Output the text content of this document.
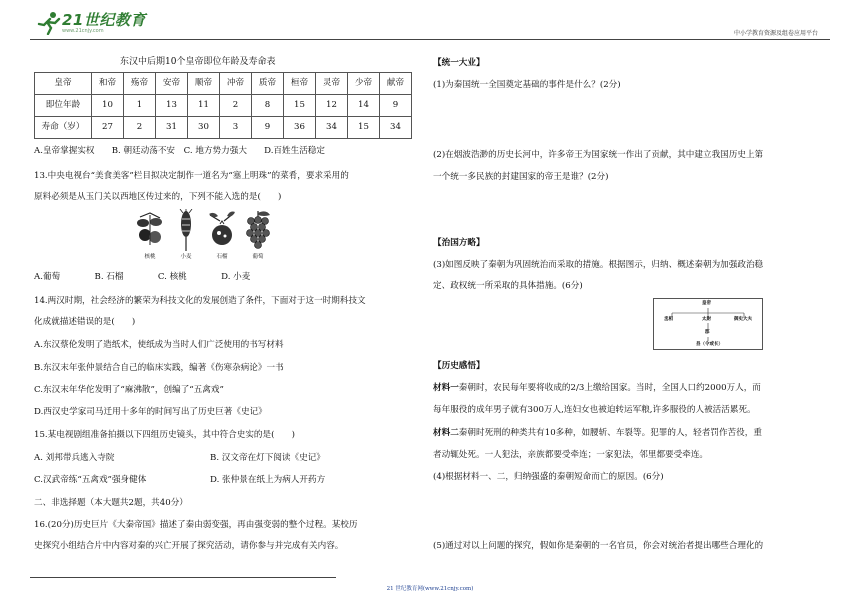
21世纪教育
www.21cnjy.com	中小学教育资源及组卷应用平台
东汉中后期10个皇帝即位年龄及寿命表
皇帝	和帝	殇帝	安帝	顺帝	冲帝	质帝	桓帝	灵帝	少帝	献帝
即位年龄	10	1	13	11	2	8	15	12	14	9
寿命（岁）	27	2	31	30	3	9	36	34	15	34
A.皇帝掌握实权　　B. 朝廷动荡不安　C. 地方势力强大　　D.百姓生活稳定
13.中央电视台“美食美客”栏目拟决定制作一道名为“塞上明珠”的菜肴，要求采用的
原料必须是从玉门关以西地区传过来的，下列不能入选的是(　　)
核桃	小麦	石榴	葡萄
A.葡萄　　　　B. 石榴　　　　C. 核桃　　　　D. 小麦
14.两汉时期，社会经济的繁荣为科技文化的发展创造了条件，下面对于这一时期科技文
化成就描述错误的是(　　)
A.东汉蔡伦发明了造纸术，使纸成为当时人们广泛使用的书写材料
B.东汉末年张仲景结合自己的临床实践，编著《伤寒杂病论》一书
C.东汉末年华佗发明了“麻沸散”，创编了“五禽戏”
D.西汉史学家司马迁用十多年的时间写出了历史巨著《史记》
15.某电视剧组准备拍摄以下四组历史镜头，其中符合史实的是(　　)
A. 刘邦带兵逃入寺院	B. 汉文帝在灯下阅读《史记》
C.汉武帝练“五禽戏”强身健体	D. 张仲景在纸上为病人开药方
二、非选择题（本大题共2题，共40分）
16.(20分)历史巨片《大秦帝国》描述了秦由弱变强，再由强变弱的整个过程。某校历
史探究小组结合片中内容对秦的兴亡开展了探究活动，请你参与并完成有关内容。
【统一大业】
(1)为秦国统一全国奠定基础的事件是什么？(2分)
(2)在烟波浩渺的历史长河中，许多帝王为国家统一作出了贡献，其中建立我国历史上第
一个统一多民族的封建国家的帝王是谁？(2分)
【治国方略】
(3)如图反映了秦朝为巩固统治而采取的措施。根据图示，归纳、概述秦朝为加强政治稳
定、政权统一所采取的具体措施。(6分)
皇帝
丞相	太尉	御史大夫
郡
县（令或长）
【历史感悟】
材料一秦朝时，农民每年要将收成的2/3上缴给国家。当时，全国人口约2000万人，而
每年服役的成年男子就有300万人,连妇女也被迫转运军粮,许多服役的人被活活累死。
材料二秦朝时死刑的种类共有10多种，如腰斩、车裂等。犯罪的人，轻者罚作苦役，重
者动辄处死。一人犯法，亲族都要受牵连；一家犯法，邻里都要受牵连。
(4)根据材料一、二，归纳强盛的秦朝短命而亡的原因。(6分)
(5)通过对以上问题的探究，假如你是秦朝的一名官员，你会对统治者提出哪些合理化的
21 世纪教育网(www.21cnjy.com)
